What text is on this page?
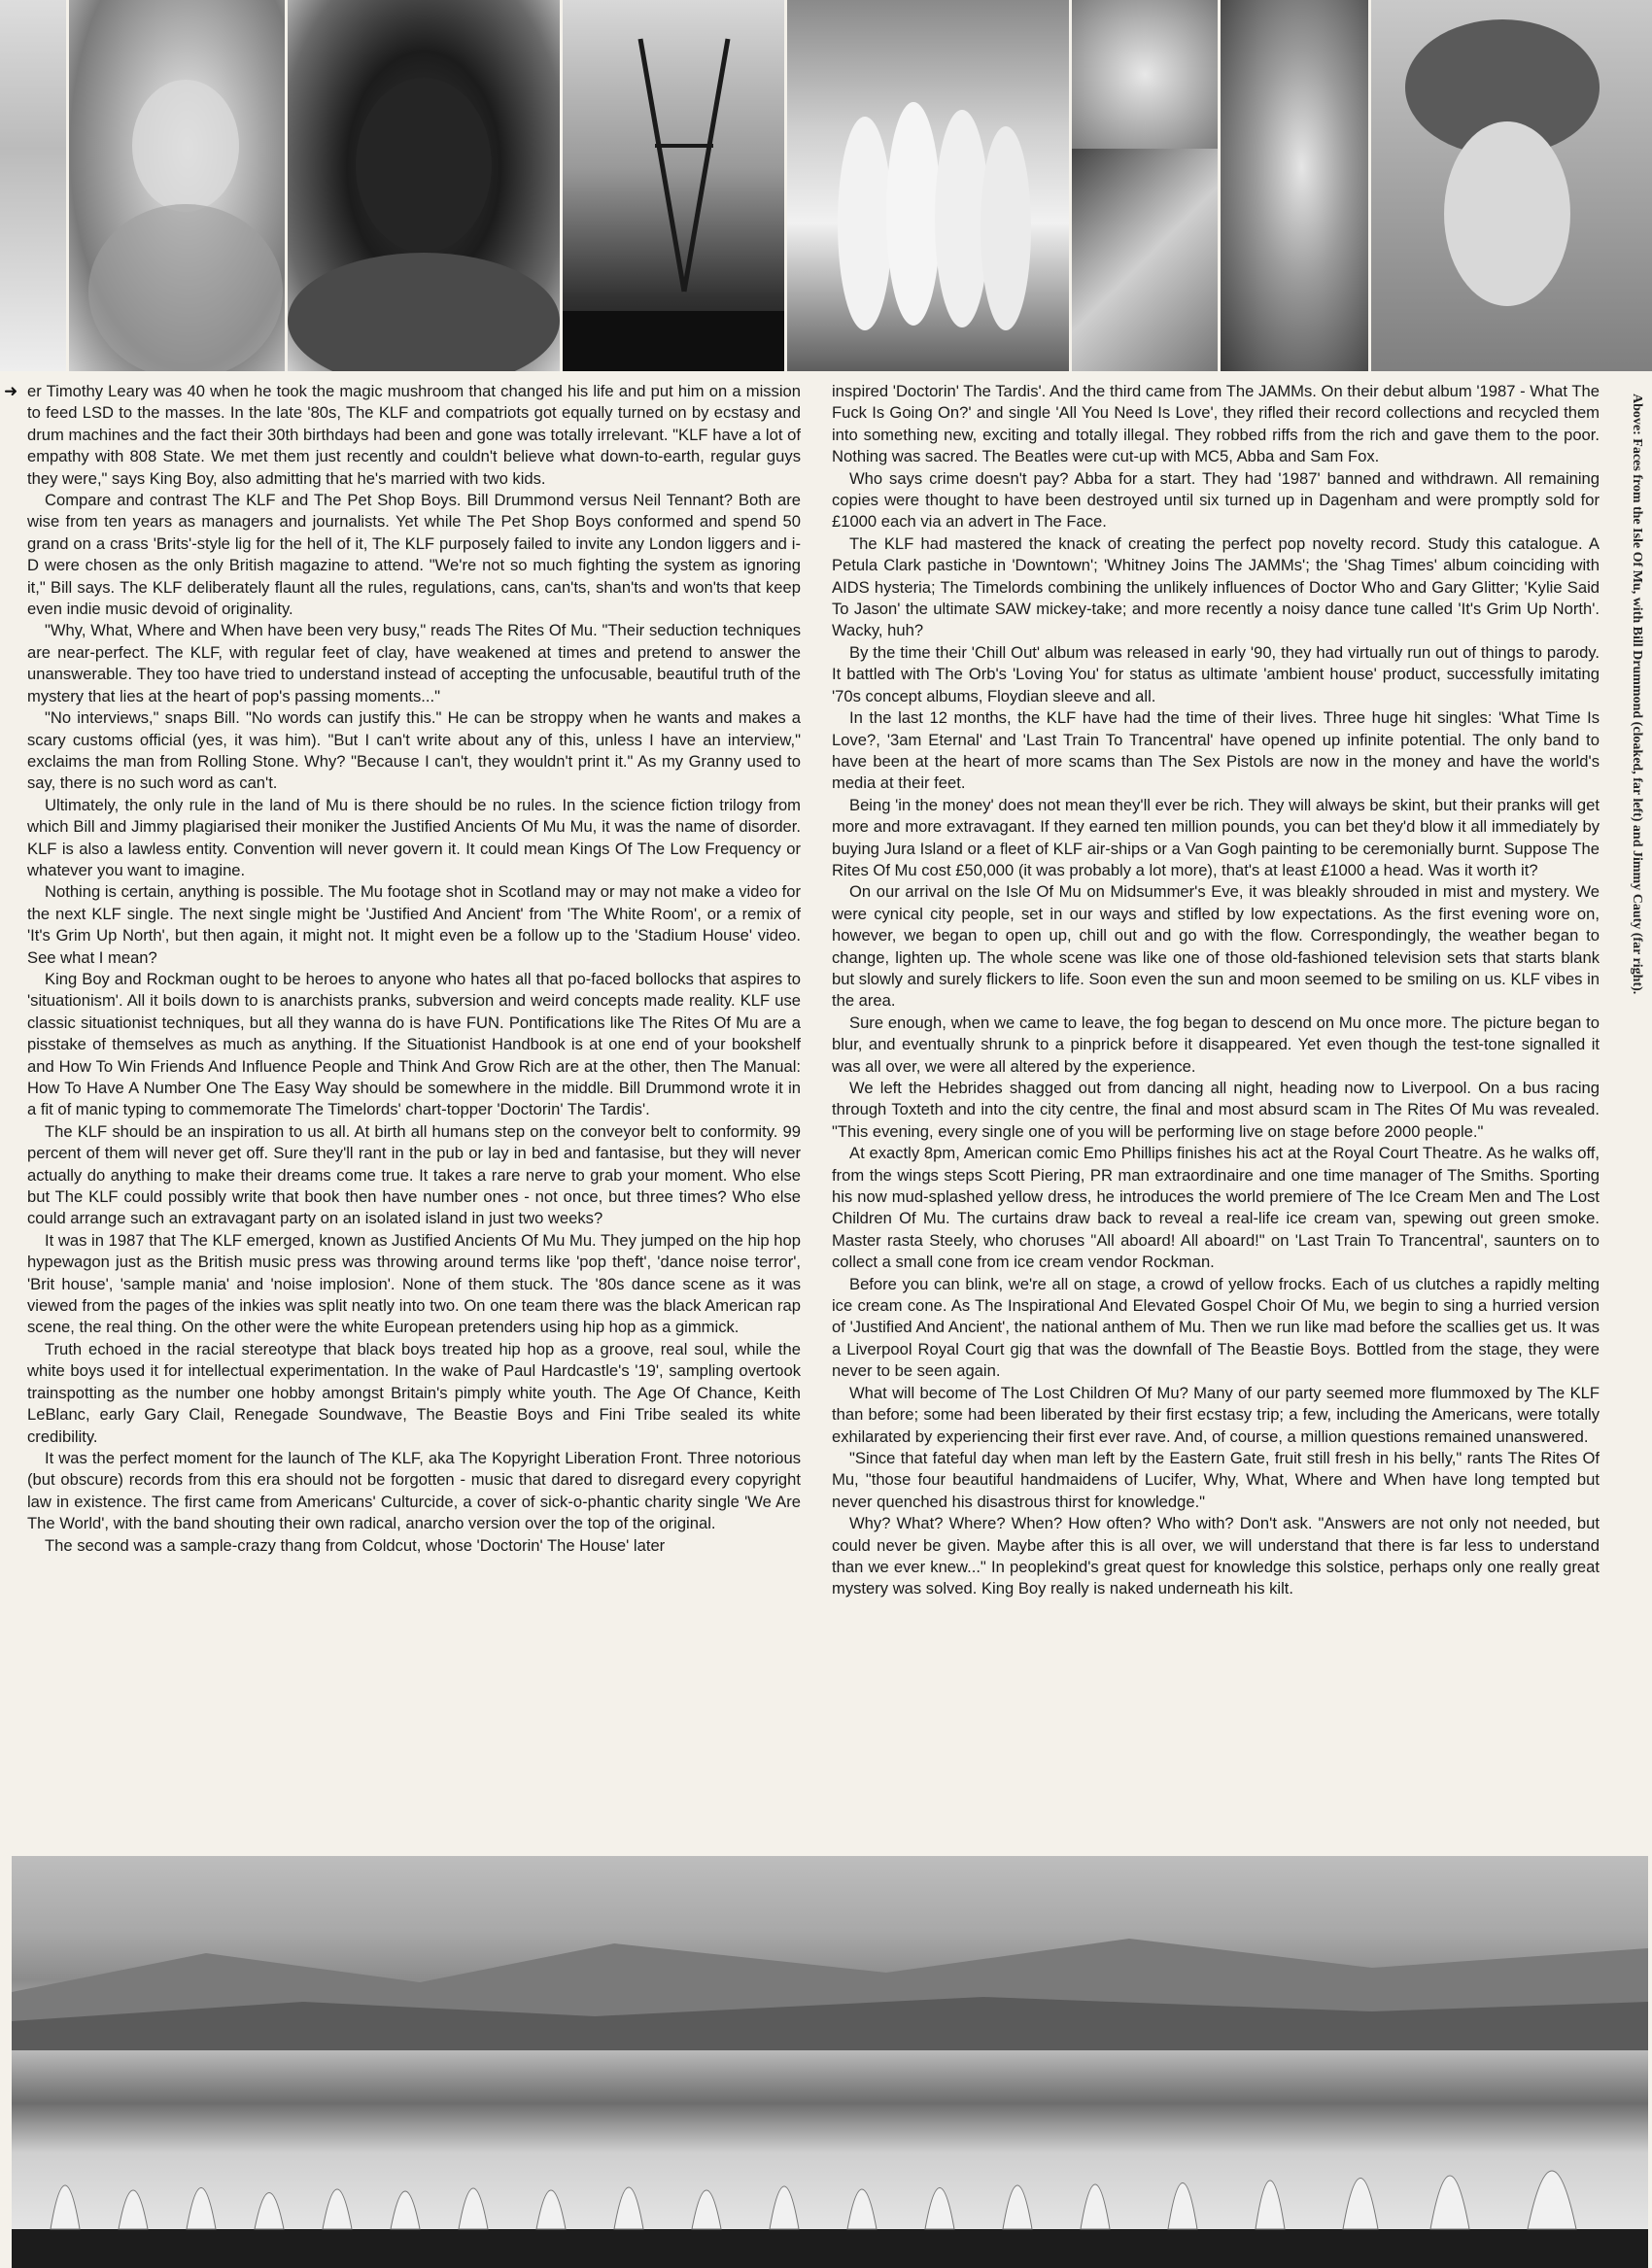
➜ er Timothy Leary was 40 when he took the magic mushroom that changed his life and put him on a mission to feed LSD to the masses. In the late '80s, The KLF and compatriots got equally turned on by ecstasy and drum machines and the fact their 30th birthdays had been and gone was totally irrelevant. "KLF have a lot of empathy with 808 State. We met them just recently and couldn't believe what down-to-earth, regular guys they were," says King Boy, also admitting that he's married with two kids.

Compare and contrast The KLF and The Pet Shop Boys. Bill Drummond versus Neil Tennant? Both are wise from ten years as managers and journalists. Yet while The Pet Shop Boys conformed and spend 50 grand on a crass 'Brits'-style lig for the hell of it, The KLF purposely failed to invite any London liggers and i-D were chosen as the only British magazine to attend. "We're not so much fighting the system as ignoring it," Bill says. The KLF deliberately flaunt all the rules, regulations, cans, can'ts, shan'ts and won'ts that keep even indie music devoid of originality.

"Why, What, Where and When have been very busy," reads The Rites Of Mu. "Their seduction techniques are near-perfect. The KLF, with regular feet of clay, have weakened at times and pretend to answer the unanswerable. They too have tried to understand instead of accepting the unfocusable, beautiful truth of the mystery that lies at the heart of pop's passing moments..."

"No interviews," snaps Bill. "No words can justify this." He can be stroppy when he wants and makes a scary customs official (yes, it was him). "But I can't write about any of this, unless I have an interview," exclaims the man from Rolling Stone. Why? "Because I can't, they wouldn't print it." As my Granny used to say, there is no such word as can't.

Ultimately, the only rule in the land of Mu is there should be no rules. In the science fiction trilogy from which Bill and Jimmy plagiarised their moniker the Justified Ancients Of Mu Mu, it was the name of disorder. KLF is also a lawless entity. Convention will never govern it. It could mean Kings Of The Low Frequency or whatever you want to imagine.

Nothing is certain, anything is possible. The Mu footage shot in Scotland may or may not make a video for the next KLF single. The next single might be 'Justified And Ancient' from 'The White Room', or a remix of 'It's Grim Up North', but then again, it might not. It might even be a follow up to the 'Stadium House' video. See what I mean?

King Boy and Rockman ought to be heroes to anyone who hates all that po-faced bollocks that aspires to 'situationism'. All it boils down to is anarchists pranks, subversion and weird concepts made reality. KLF use classic situationist techniques, but all they wanna do is have FUN. Pontifications like The Rites Of Mu are a pisstake of themselves as much as anything. If the Situationist Handbook is at one end of your bookshelf and How To Win Friends And Influence People and Think And Grow Rich are at the other, then The Manual: How To Have A Number One The Easy Way should be somewhere in the middle. Bill Drummond wrote it in a fit of manic typing to commemorate The Timelords' chart-topper 'Doctorin' The Tardis'.

The KLF should be an inspiration to us all. At birth all humans step on the conveyor belt to conformity. 99 percent of them will never get off. Sure they'll rant in the pub or lay in bed and fantasise, but they will never actually do anything to make their dreams come true. It takes a rare nerve to grab your moment. Who else but The KLF could possibly write that book then have number ones - not once, but three times? Who else could arrange such an extravagant party on an isolated island in just two weeks?

It was in 1987 that The KLF emerged, known as Justified Ancients Of Mu Mu. They jumped on the hip hop hypewagon just as the British music press was throwing around terms like 'pop theft', 'dance noise terror', 'Brit house', 'sample mania' and 'noise implosion'. None of them stuck. The '80s dance scene as it was viewed from the pages of the inkies was split neatly into two. On one team there was the black American rap scene, the real thing. On the other were the white European pretenders using hip hop as a gimmick.

Truth echoed in the racial stereotype that black boys treated hip hop as a groove, real soul, while the white boys used it for intellectual experimentation. In the wake of Paul Hardcastle's '19', sampling overtook trainspotting as the number one hobby amongst Britain's pimply white youth. The Age Of Chance, Keith LeBlanc, early Gary Clail, Renegade Soundwave, The Beastie Boys and Fini Tribe sealed its white credibility.

It was the perfect moment for the launch of The KLF, aka The Kopyright Liberation Front. Three notorious (but obscure) records from this era should not be forgotten - music that dared to disregard every copyright law in existence. The first came from Americans' Culturcide, a cover of sick-o-phantic charity single 'We Are The World', with the band shouting their own radical, anarcho version over the top of the original.

The second was a sample-crazy thang from Coldcut, whose 'Doctorin' The House' later

inspired 'Doctorin' The Tardis'. And the third came from The JAMMs. On their debut album '1987 - What The Fuck Is Going On?' and single 'All You Need Is Love', they rifled their record collections and recycled them into something new, exciting and totally illegal. They robbed riffs from the rich and gave them to the poor. Nothing was sacred. The Beatles were cut-up with MC5, Abba and Sam Fox.

Who says crime doesn't pay? Abba for a start. They had '1987' banned and withdrawn. All remaining copies were thought to have been destroyed until six turned up in Dagenham and were promptly sold for £1000 each via an advert in The Face.

The KLF had mastered the knack of creating the perfect pop novelty record. Study this catalogue. A Petula Clark pastiche in 'Downtown'; 'Whitney Joins The JAMMs'; the 'Shag Times' album coinciding with AIDS hysteria; The Timelords combining the unlikely influences of Doctor Who and Gary Glitter; 'Kylie Said To Jason' the ultimate SAW mickey-take; and more recently a noisy dance tune called 'It's Grim Up North'. Wacky, huh?

By the time their 'Chill Out' album was released in early '90, they had virtually run out of things to parody. It battled with The Orb's 'Loving You' for status as ultimate 'ambient house' product, successfully imitating '70s concept albums, Floydian sleeve and all.

In the last 12 months, the KLF have had the time of their lives. Three huge hit singles: 'What Time Is Love?, '3am Eternal' and 'Last Train To Trancentral' have opened up infinite potential. The only band to have been at the heart of more scams than The Sex Pistols are now in the money and have the world's media at their feet.

Being 'in the money' does not mean they'll ever be rich. They will always be skint, but their pranks will get more and more extravagant. If they earned ten million pounds, you can bet they'd blow it all immediately by buying Jura Island or a fleet of KLF air-ships or a Van Gogh painting to be ceremonially burnt. Suppose The Rites Of Mu cost £50,000 (it was probably a lot more), that's at least £1000 a head. Was it worth it?

On our arrival on the Isle Of Mu on Midsummer's Eve, it was bleakly shrouded in mist and mystery. We were cynical city people, set in our ways and stifled by low expectations. As the first evening wore on, however, we began to open up, chill out and go with the flow. Correspondingly, the weather began to change, lighten up. The whole scene was like one of those old-fashioned television sets that starts blank but slowly and surely flickers to life. Soon even the sun and moon seemed to be smiling on us. KLF vibes in the area.

Sure enough, when we came to leave, the fog began to descend on Mu once more. The picture began to blur, and eventually shrunk to a pinprick before it disappeared. Yet even though the test-tone signalled it was all over, we were all altered by the experience.

We left the Hebrides shagged out from dancing all night, heading now to Liverpool. On a bus racing through Toxteth and into the city centre, the final and most absurd scam in The Rites Of Mu was revealed. "This evening, every single one of you will be performing live on stage before 2000 people."

At exactly 8pm, American comic Emo Phillips finishes his act at the Royal Court Theatre. As he walks off, from the wings steps Scott Piering, PR man extraordinaire and one time manager of The Smiths. Sporting his now mud-splashed yellow dress, he introduces the world premiere of The Ice Cream Men and The Lost Children Of Mu. The curtains draw back to reveal a real-life ice cream van, spewing out green smoke. Master rasta Steely, who choruses "All aboard! All aboard!" on 'Last Train To Trancentral', saunters on to collect a small cone from ice cream vendor Rockman.

Before you can blink, we're all on stage, a crowd of yellow frocks. Each of us clutches a rapidly melting ice cream cone. As The Inspirational And Elevated Gospel Choir Of Mu, we begin to sing a hurried version of 'Justified And Ancient', the national anthem of Mu. Then we run like mad before the scallies get us. It was a Liverpool Royal Court gig that was the downfall of The Beastie Boys. Bottled from the stage, they were never to be seen again.

What will become of The Lost Children Of Mu? Many of our party seemed more flummoxed by The KLF than before; some had been liberated by their first ecstasy trip; a few, including the Americans, were totally exhilarated by experiencing their first ever rave. And, of course, a million questions remained unanswered.

"Since that fateful day when man left by the Eastern Gate, fruit still fresh in his belly," rants The Rites Of Mu, "those four beautiful handmaidens of Lucifer, Why, What, Where and When have long tempted but never quenched his disastrous thirst for knowledge."

Why? What? Where? When? How often? Who with? Don't ask. "Answers are not only not needed, but could never be given. Maybe after this is all over, we will understand that there is far less to understand than we ever knew..." In peoplekind's great quest for knowledge this solstice, perhaps only one really great mystery was solved. King Boy really is naked underneath his kilt.

Above: Faces from the Isle Of Mu, with Bill Drummond (cloaked, far left) and Jimmy Cauty (far right).
